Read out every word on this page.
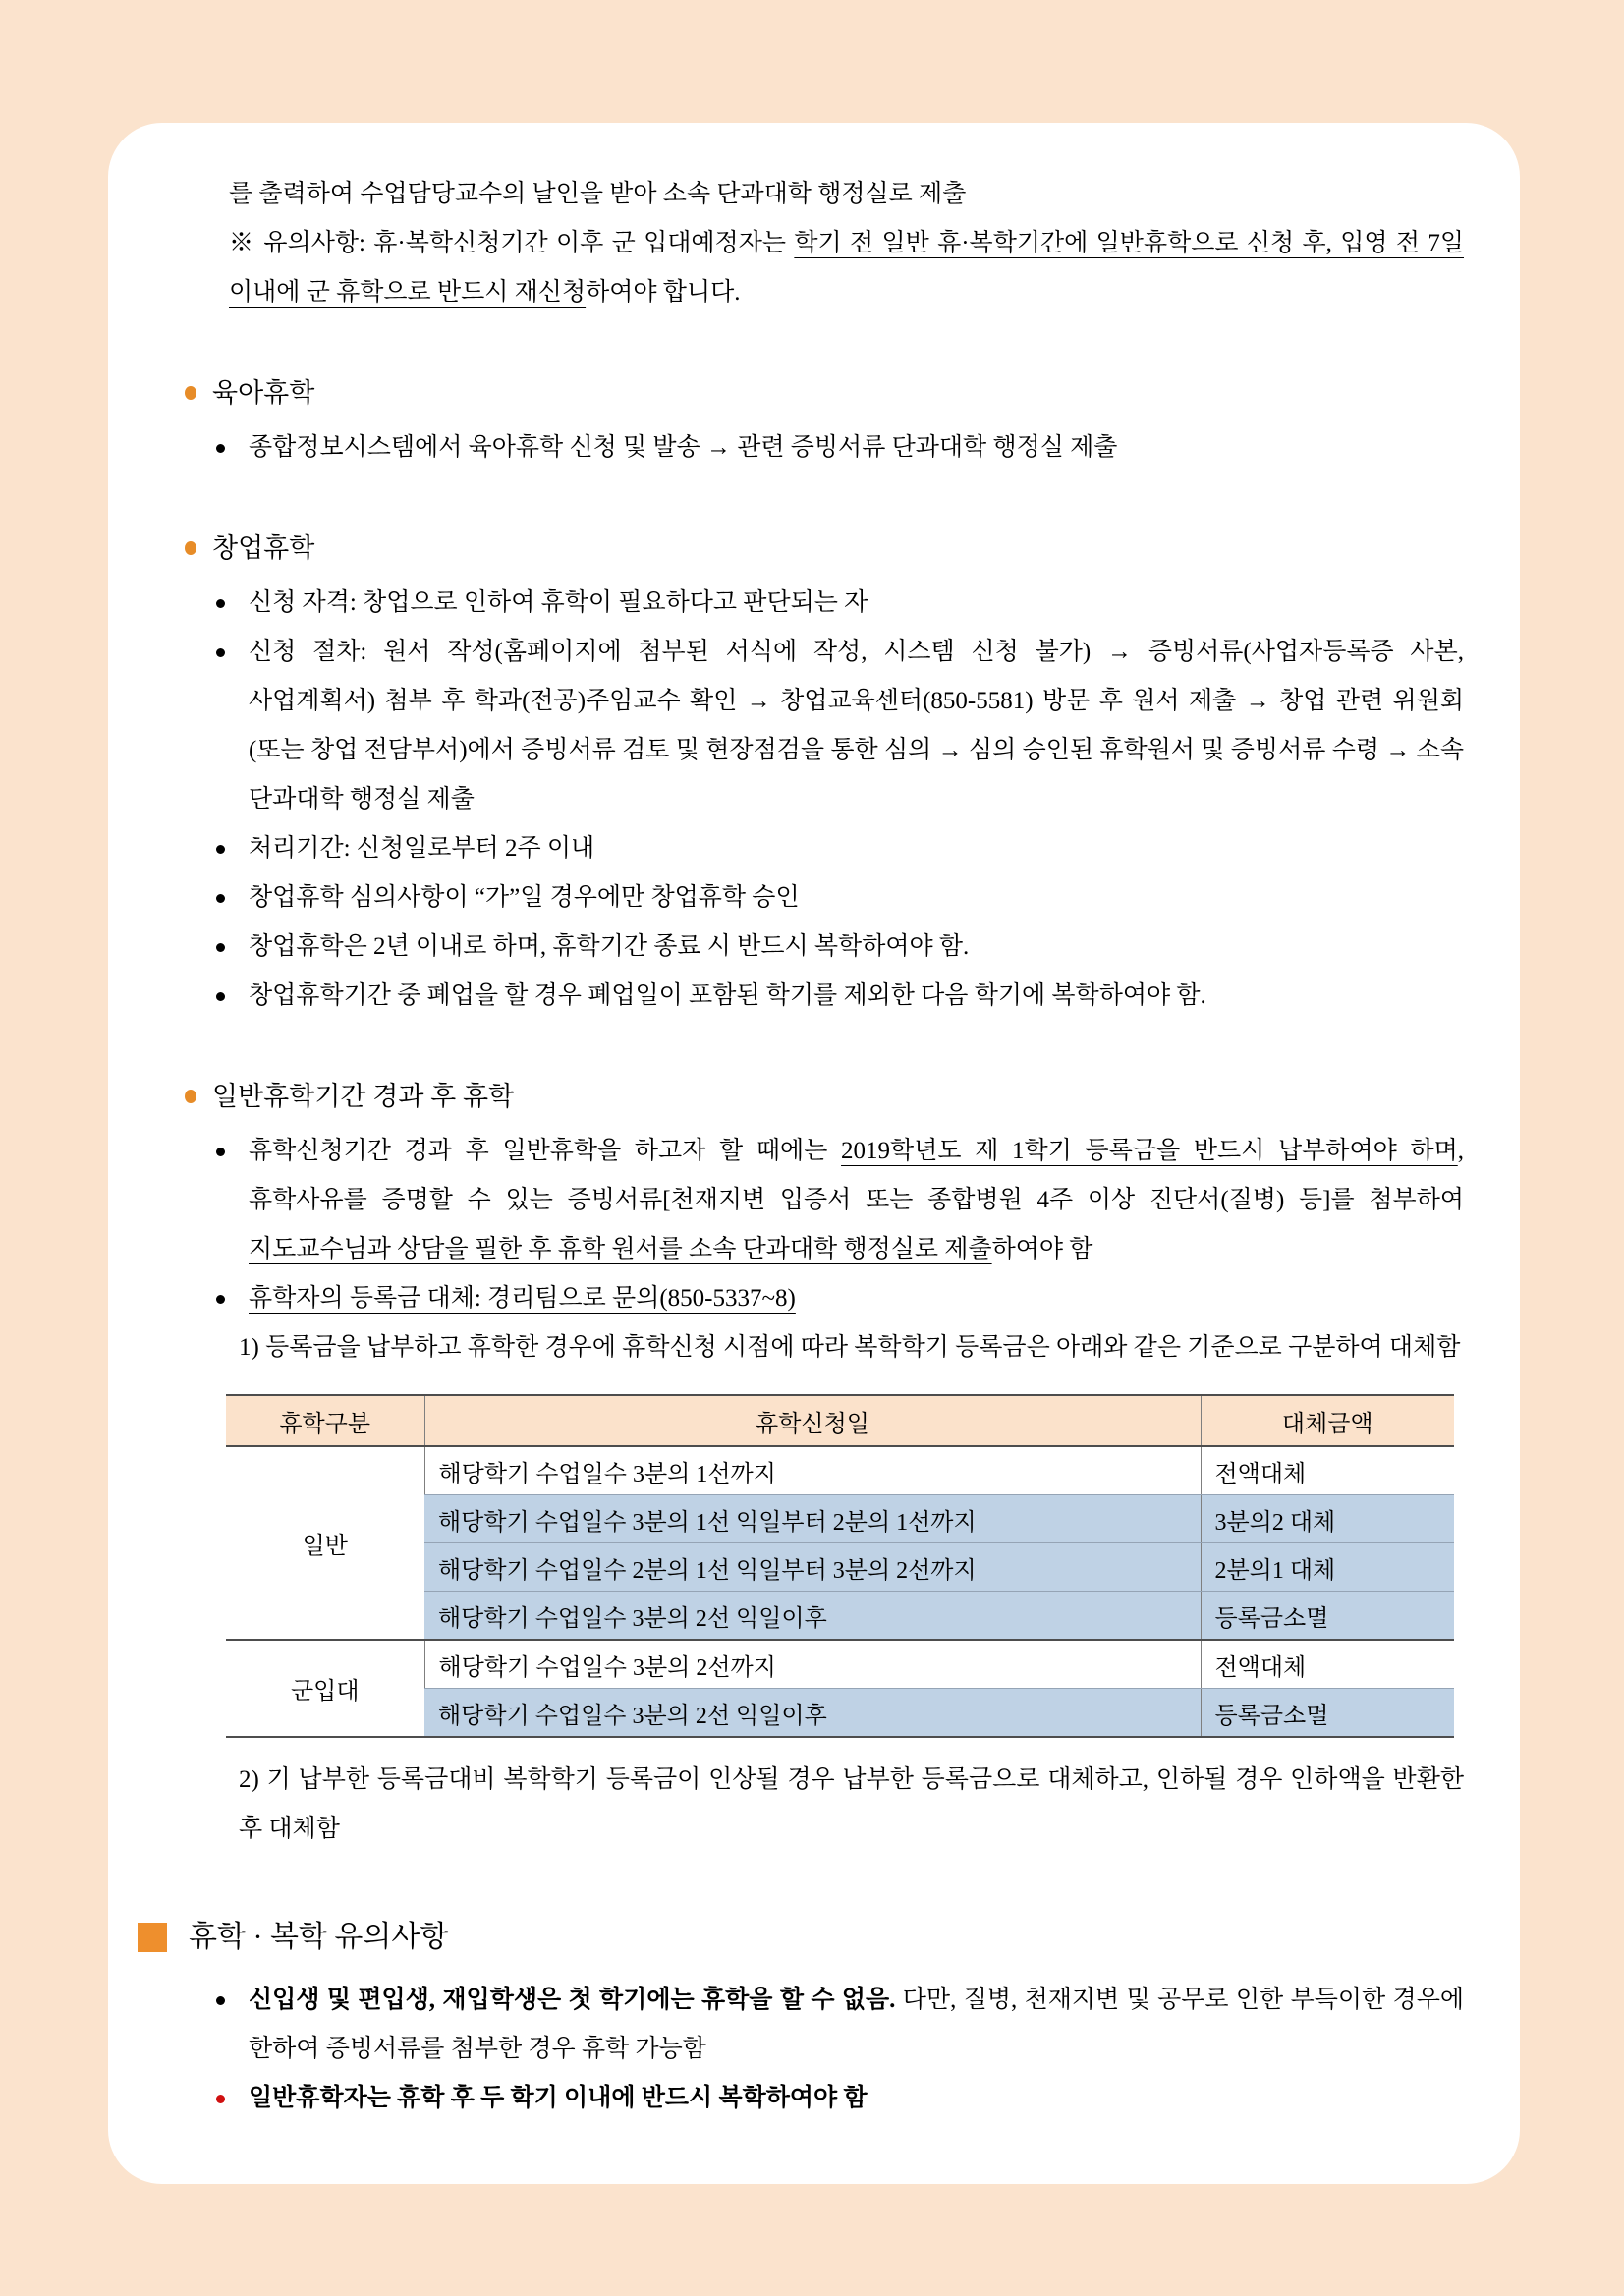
를 출력하여 수업담당교수의 날인을 받아 소속 단과대학 행정실로 제출

※ 유의사항: 휴·복학신청기간 이후 군 입대예정자는 학기 전 일반 휴·복학기간에 일반휴학으로 신청 후, 입영 전 7일 이내에 군 휴학으로 반드시 재신청하여야 합니다.

육아휴학
종합정보시스템에서 육아휴학 신청 및 발송 → 관련 증빙서류 단과대학 행정실 제출
창업휴학
신청 자격: 창업으로 인하여 휴학이 필요하다고 판단되는 자
신청 절차: 원서 작성(홈페이지에 첨부된 서식에 작성, 시스템 신청 불가) → 증빙서류(사업자등록증 사본, 사업계획서) 첨부 후 학과(전공)주임교수 확인 → 창업교육센터(850-5581) 방문 후 원서 제출 → 창업 관련 위원회(또는 창업 전담부서)에서 증빙서류 검토 및 현장점검을 통한 심의 → 심의 승인된 휴학원서 및 증빙서류 수령 → 소속 단과대학 행정실 제출
처리기간: 신청일로부터 2주 이내
창업휴학 심의사항이 “가”일 경우에만 창업휴학 승인
창업휴학은 2년 이내로 하며, 휴학기간 종료 시 반드시 복학하여야 함.
창업휴학기간 중 폐업을 할 경우 폐업일이 포함된 학기를 제외한 다음 학기에 복학하여야 함.
일반휴학기간 경과 후 휴학
휴학신청기간 경과 후 일반휴학을 하고자 할 때에는 2019학년도 제 1학기 등록금을 반드시 납부하여야 하며, 휴학사유를 증명할 수 있는 증빙서류[천재지변 입증서 또는 종합병원 4주 이상 진단서(질병) 등]를 첨부하여 지도교수님과 상담을 필한 후 휴학 원서를 소속 단과대학 행정실로 제출하여야 함
휴학자의 등록금 대체: 경리팀으로 문의(850-5337~8)

1) 등록금을 납부하고 휴학한 경우에 휴학신청 시점에 따라 복학학기 등록금은 아래와 같은 기준으로 구분하여 대체함

휴학구분	휴학신청일	대체금액
일반	해당학기 수업일수 3분의 1선까지	전액대체
	해당학기 수업일수 3분의 1선 익일부터 2분의 1선까지	3분의2 대체
	해당학기 수업일수 2분의 1선 익일부터 3분의 2선까지	2분의1 대체
	해당학기 수업일수 3분의 2선 익일이후	등록금소멸
군입대	해당학기 수업일수 3분의 2선까지	전액대체
	해당학기 수업일수 3분의 2선 익일이후	등록금소멸

2) 기 납부한 등록금대비 복학학기 등록금이 인상될 경우 납부한 등록금으로 대체하고, 인하될 경우 인하액을 반환한 후 대체함

휴학 · 복학 유의사항
신입생 및 편입생, 재입학생은 첫 학기에는 휴학을 할 수 없음. 다만, 질병, 천재지변 및 공무로 인한 부득이한 경우에 한하여 증빙서류를 첨부한 경우 휴학 가능함
일반휴학자는 휴학 후 두 학기 이내에 반드시 복학하여야 함
